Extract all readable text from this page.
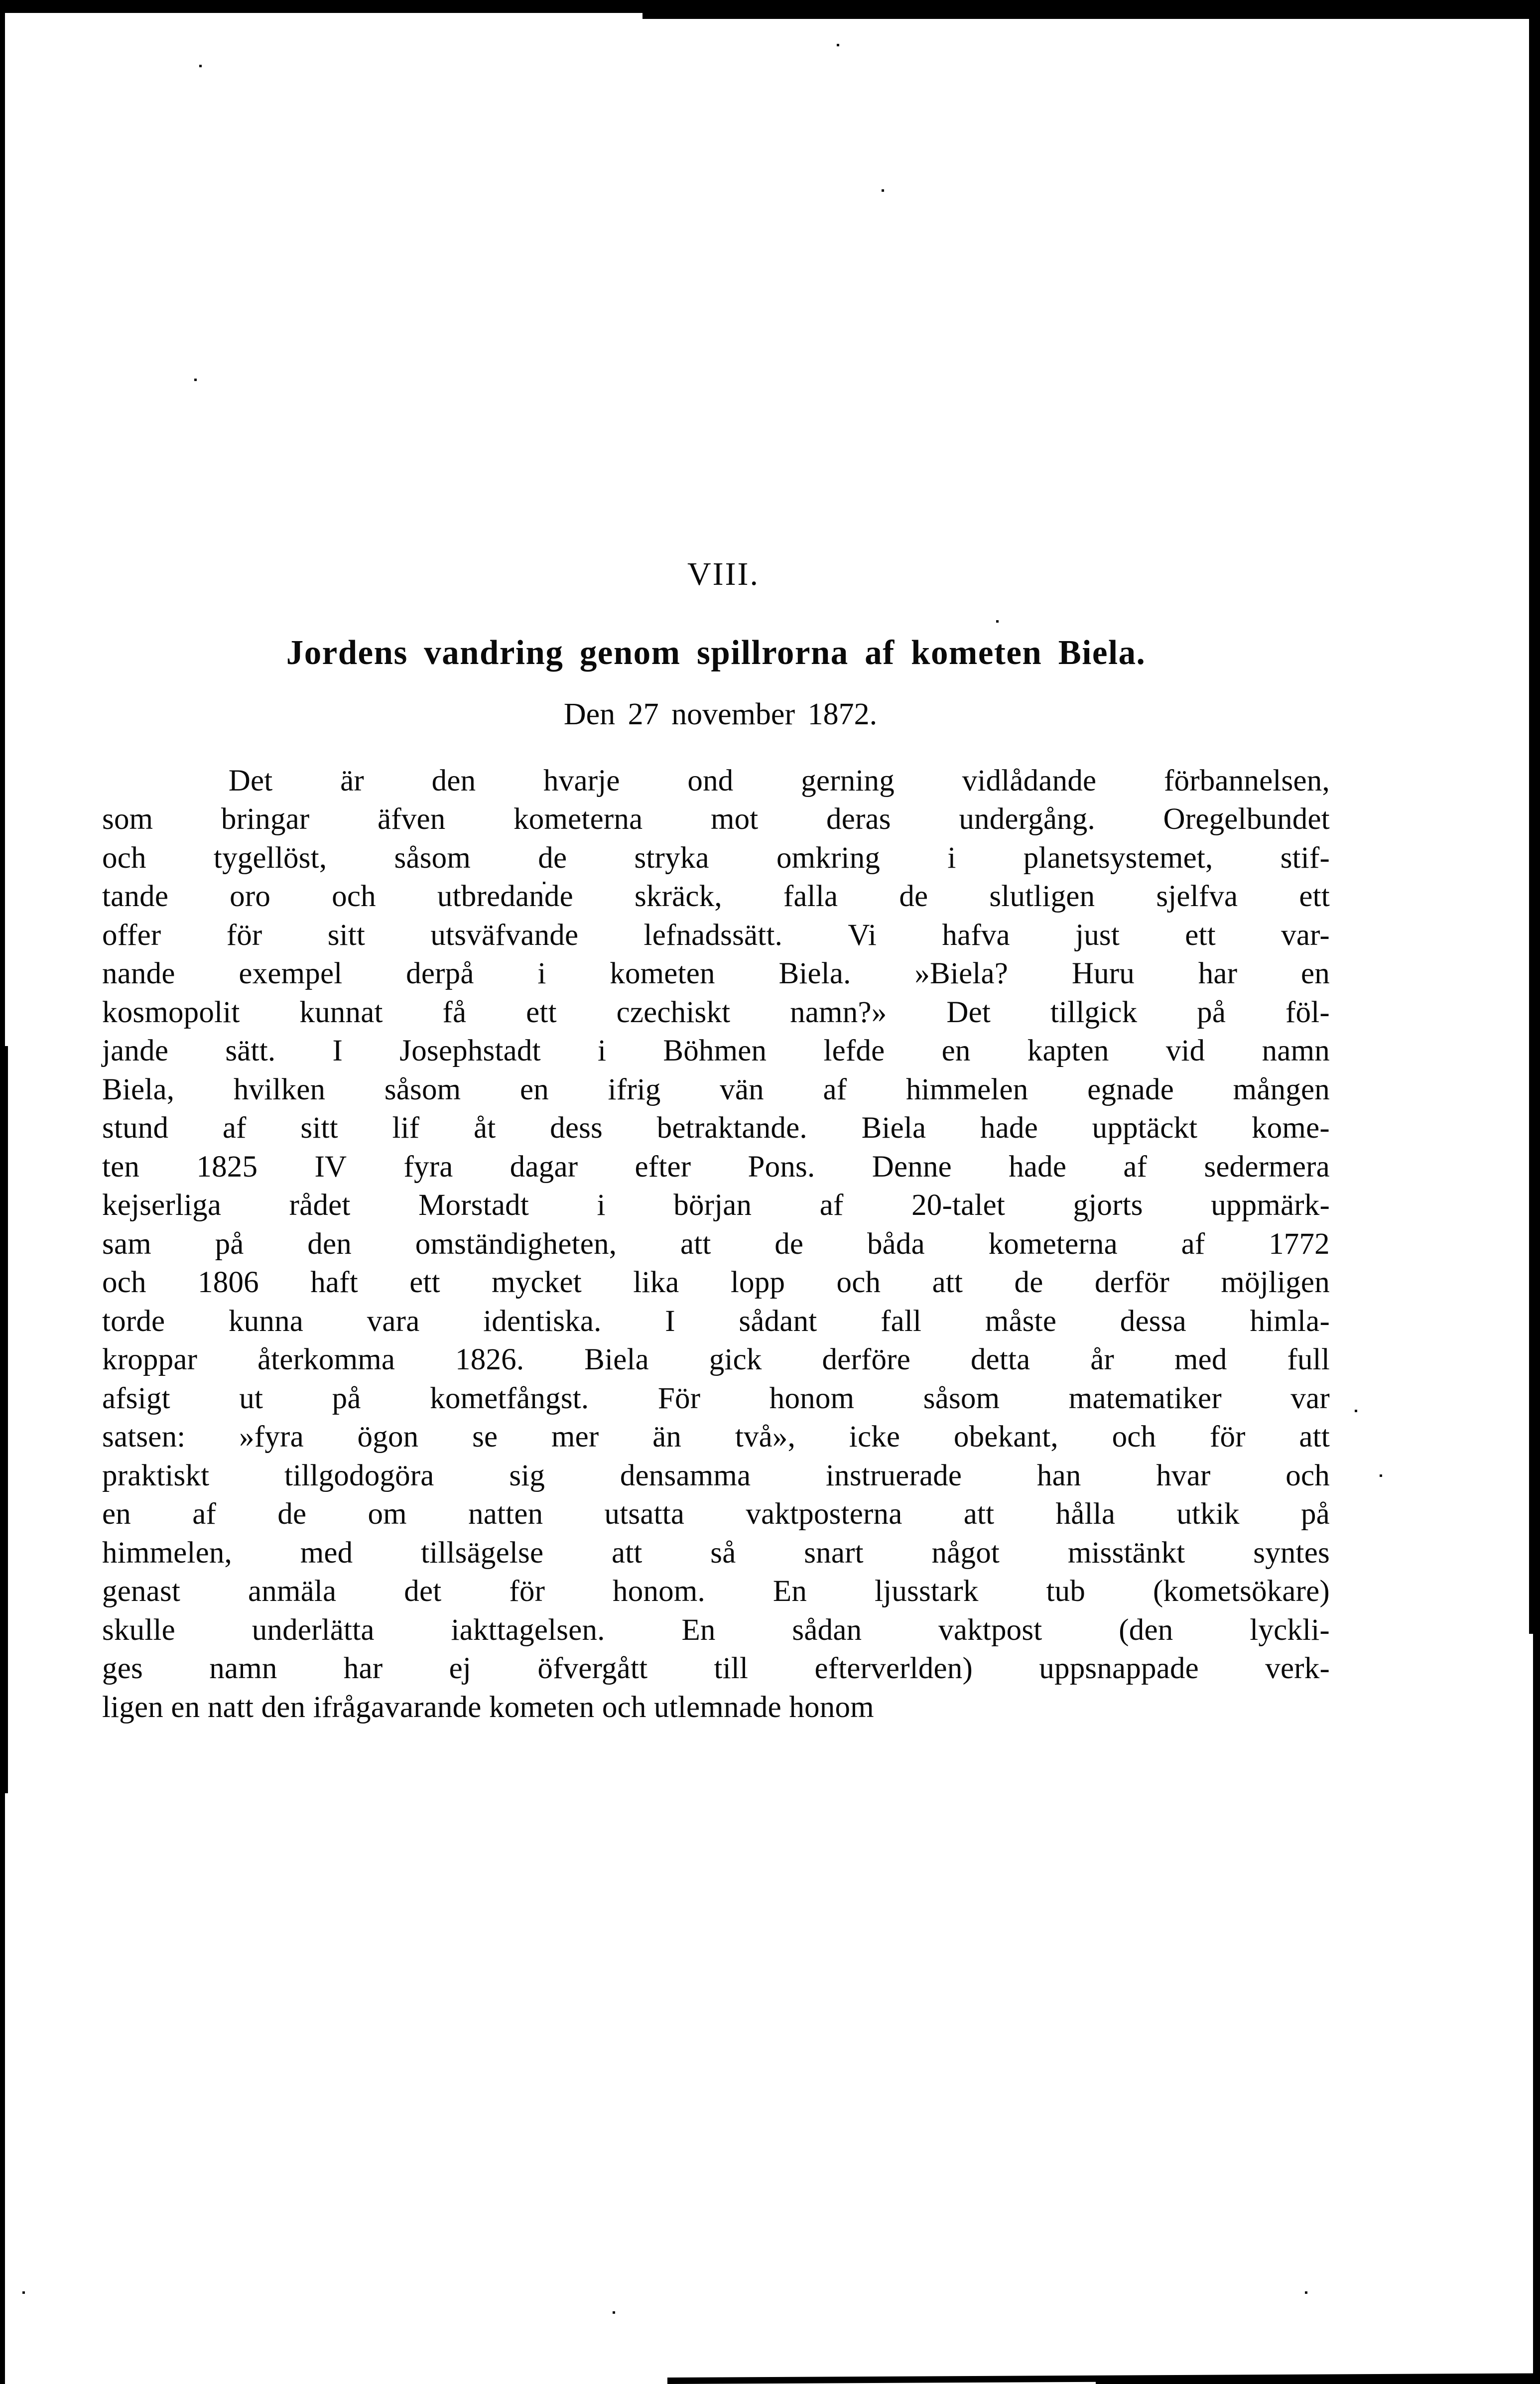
VIII.
Jordens vandring genom spillrorna af kometen Biela.
Den 27 november 1872.
Det är den hvarje ond gerning vidlådande förbannelsen,
som bringar äfven kometerna mot deras undergång. Oregelbundet
och tygellöst, såsom de stryka omkring i planetsystemet, stif-
tande oro och utbredande skräck, falla de slutligen sjelfva ett
offer för sitt utsväfvande lefnadssätt. Vi hafva just ett var-
nande exempel derpå i kometen Biela. »Biela? Huru har en
kosmopolit kunnat få ett czechiskt namn?» Det tillgick på föl-
jande sätt. I Josephstadt i Böhmen lefde en kapten vid namn
Biela, hvilken såsom en ifrig vän af himmelen egnade mången
stund af sitt lif åt dess betraktande. Biela hade upptäckt kome-
ten 1825 IV fyra dagar efter Pons. Denne hade af sedermera
kejserliga rådet Morstadt i början af 20-talet gjorts uppmärk-
sam på den omständigheten, att de båda kometerna af 1772
och 1806 haft ett mycket lika lopp och att de derför möjligen
torde kunna vara identiska. I sådant fall måste dessa himla-
kroppar återkomma 1826. Biela gick derföre detta år med full
afsigt ut på kometfångst. För honom såsom matematiker var
satsen: »fyra ögon se mer än två», icke obekant, och för att
praktiskt tillgodogöra sig densamma instruerade han hvar och
en af de om natten utsatta vaktposterna att hålla utkik på
himmelen, med tillsägelse att så snart något misstänkt syntes
genast anmäla det för honom. En ljusstark tub (kometsökare)
skulle	underlätta	iakttagelsen.	En	sådan	vaktpost	(den	lyckli-
ges namn har ej öfvergått till efterverlden) uppsnappade verk-
ligen en natt den ifrågavarande kometen och utlemnade honom
